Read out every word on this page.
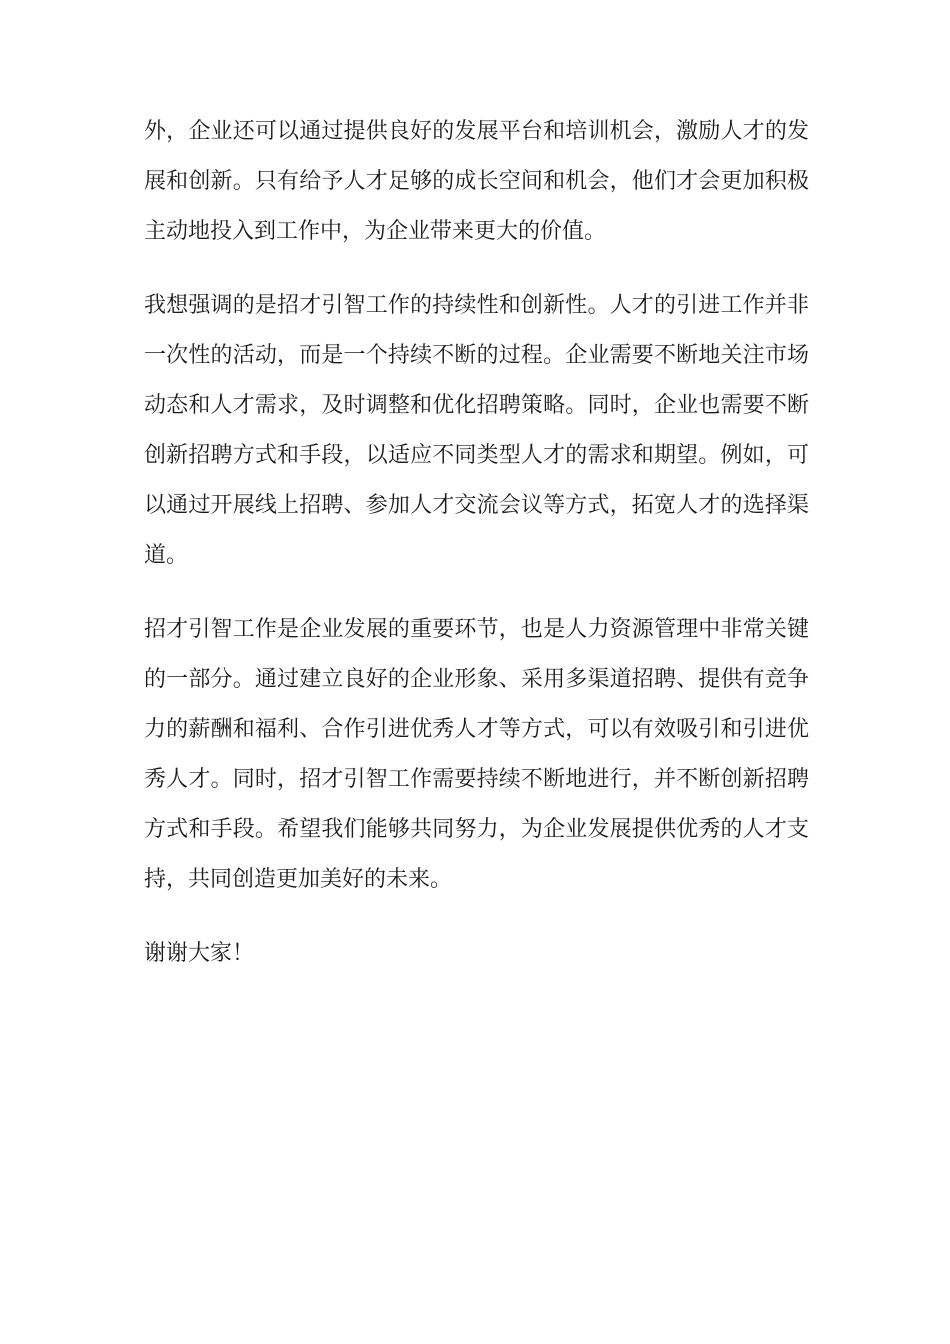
外，企业还可以通过提供良好的发展平台和培训机会，激励人才的发展和创新。只有给予人才足够的成长空间和机会，他们才会更加积极主动地投入到工作中，为企业带来更大的价值。

我想强调的是招才引智工作的持续性和创新性。人才的引进工作并非一次性的活动，而是一个持续不断的过程。企业需要不断地关注市场动态和人才需求，及时调整和优化招聘策略。同时，企业也需要不断创新招聘方式和手段，以适应不同类型人才的需求和期望。例如，可以通过开展线上招聘、参加人才交流会议等方式，拓宽人才的选择渠道。

招才引智工作是企业发展的重要环节，也是人力资源管理中非常关键的一部分。通过建立良好的企业形象、采用多渠道招聘、提供有竞争力的薪酬和福利、合作引进优秀人才等方式，可以有效吸引和引进优秀人才。同时，招才引智工作需要持续不断地进行，并不断创新招聘方式和手段。希望我们能够共同努力，为企业发展提供优秀的人才支持，共同创造更加美好的未来。

谢谢大家！
